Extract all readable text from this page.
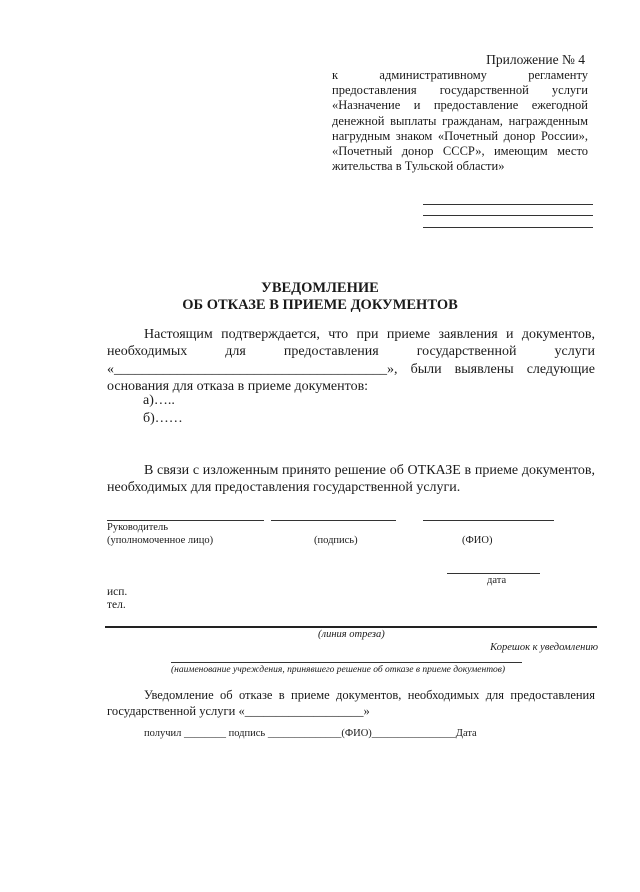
Приложение № 4
к административному регламенту предоставления государственной услуги «Назначение и предоставление ежегодной денежной выплаты гражданам, награжденным нагрудным знаком «Почетный донор России», «Почетный донор СССР», имеющим место жительства в Тульской области»
УВЕДОМЛЕНИЕ
ОБ ОТКАЗЕ В ПРИЕМЕ ДОКУМЕНТОВ
Настоящим подтверждается, что при приеме заявления и документов, необходимых для предоставления государственной услуги «_______________________________________», были выявлены следующие основания для отказа в приеме документов:
а)…..
б)……
В связи с изложенным принято решение об ОТКАЗЕ в приеме документов, необходимых для предоставления государственной услуги.
Руководитель
(уполномоченное лицо)	(подпись)	(ФИО)
дата
исп.
тел.
(линия отреза)
Корешок к уведомлению
(наименование учреждения, принявшего решение об отказе в приеме документов)
Уведомление об отказе в приеме документов, необходимых для предоставления государственной услуги «___________________»
получил ________ подпись ______________(ФИО)________________Дата
